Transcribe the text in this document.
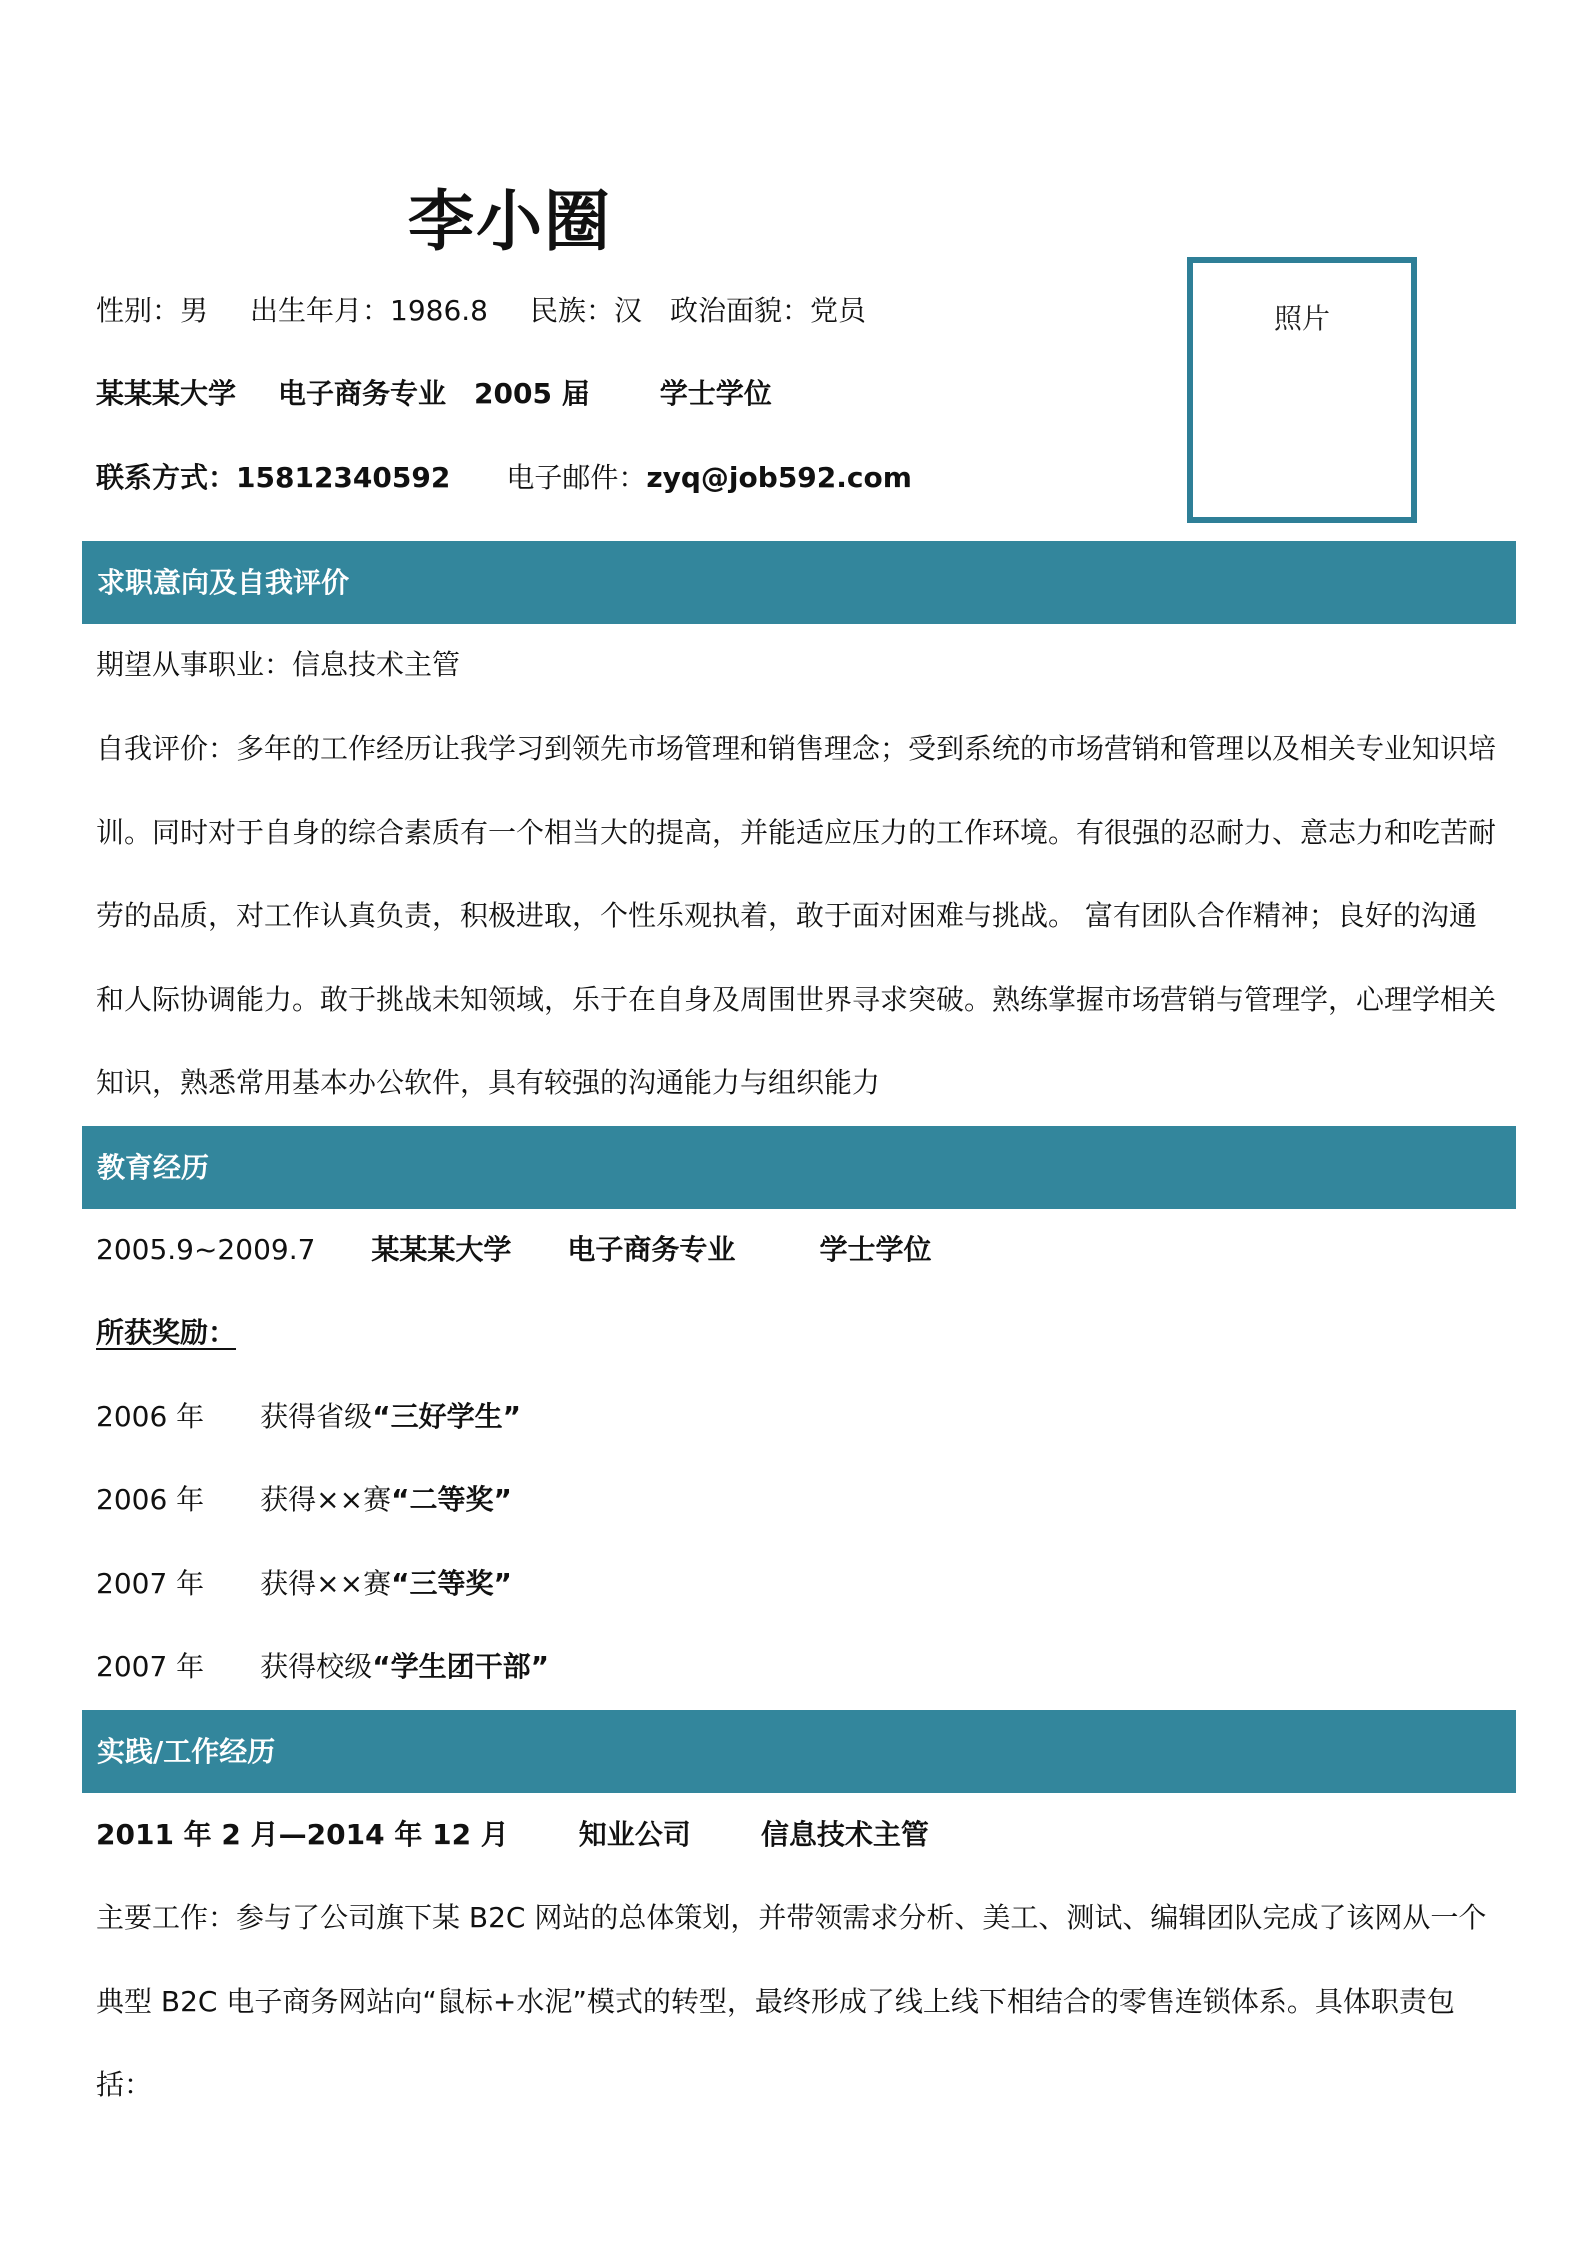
李小圈
性别：男 出生年月：1986.8 民族：汉 政治面貌：党员
某某某大学 电子商务专业 2005 届	学士学位
联系方式：15812340592 电子邮件：zyq@job592.com
照片
求职意向及自我评价
期望从事职业：信息技术主管
自我评价：多年的工作经历让我学习到领先市场管理和销售理念；受到系统的市场营销和管理以及相关专业知识培
训。同时对于自身的综合素质有一个相当大的提高，并能适应压力的工作环境。有很强的忍耐力、意志力和吃苦耐
劳的品质，对工作认真负责，积极进取，个性乐观执着，敢于面对困难与挑战。 富有团队合作精神；良好的沟通
和人际协调能力。敢于挑战未知领域，乐于在自身及周围世界寻求突破。熟练掌握市场营销与管理学，心理学相关
知识，熟悉常用基本办公软件，具有较强的沟通能力与组织能力
教育经历
2005.9~2009.7 某某某大学 电子商务专业	学士学位
所获奖励：
2006 年 获得省级“三好学生”
2006 年 获得××赛“二等奖”
2007 年 获得××赛“三等奖”
2007 年 获得校级“学生团干部”
实践/工作经历
2011 年 2 月—2014 年 12 月	知业公司	信息技术主管
主要工作：参与了公司旗下某 B2C 网站的总体策划，并带领需求分析、美工、测试、编辑团队完成了该网从一个
典型 B2C 电子商务网站向“鼠标+水泥”模式的转型，最终形成了线上线下相结合的零售连锁体系。具体职责包括：
